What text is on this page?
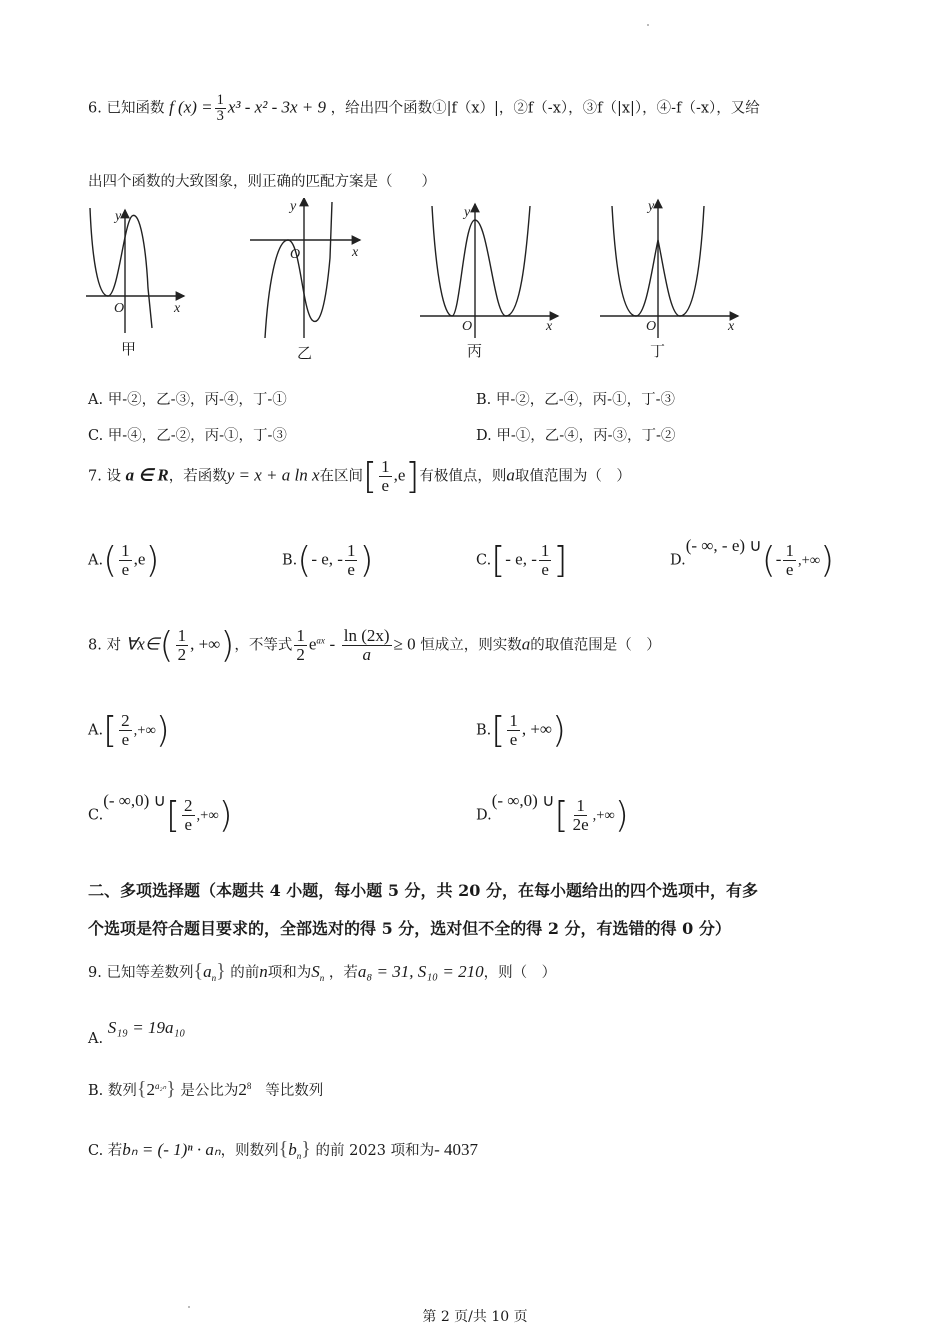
6. 已知函数 f $(x) = \frac{1}{3} x^3 - x^2 - 3x + 9$ ，给出四个函数①|f（x）|，②f（-x），③f（|x|），④-f（-x），又给
出四个函数的大致图象，则正确的匹配方案是（　　）
y
x
O
y
x
O
y
x
O
y
x
O
甲	乙	丙	丁
A. 甲-②，乙-③，丙-④，丁-①	B. 甲-②，乙-④，丙-①，丁-③
C. 甲-④，乙-②，丙-①，丁-③	D. 甲-①，乙-④，丙-③，丁-②
7. 设 a ∈ R，若函数y = x + a ln x在区间[ $\frac{1}{e} ,e$]有极值点，则a取值范围为（　）
$A.( \frac{1}{e} ,e)$	B.(- e, - $\frac{1}{e}$ )	C.[- e, - $\frac{1}{e}$ ]	D.(- ∞, - e) ∪(- $\frac{1}{e}$ ,+∞)
8. 对 ∀x∈( $\frac{1}{2}$ , +∞)，不等式 $\frac{1}{2} e^{ax} - \frac{\ln (2x)}{a} \ge 0$ 恒成立，则实数a的取值范围是（　）
$A.[ \frac{2}{e}$ ,+∞)	$B.[ \frac{1}{e}$ , +∞)
C.(- ∞,0) ∪[ $\frac{2}{e}$ ,+∞)	D.(- ∞,0) ∪[ $\frac{1}{2e}$ ,+∞)
二、多项选择题（本题共 4 小题，每小题 5 分，共 20 分，在每小题给出的四个选项中，有多
个选项是符合题目要求的，全部选对的得 5 分，选对但不全的得 2 分，有选错的得 0 分）
9. 已知等差数列$\{a_n\}$ 的前n项和为$S_n$ ，若a₈ = 31, S₁₀ = 210，则（　）
A. S₁₉ = 19a₁₀
B. 数列$\{2^{a_{2n}}\}$ 是公比为$2^8$ 等比数列
C. 若bₙ = (- 1)ⁿ · aₙ，则数列$\{b_n\}$ 的前 2023 项和为- 4037
第 2 页/共 10 页
